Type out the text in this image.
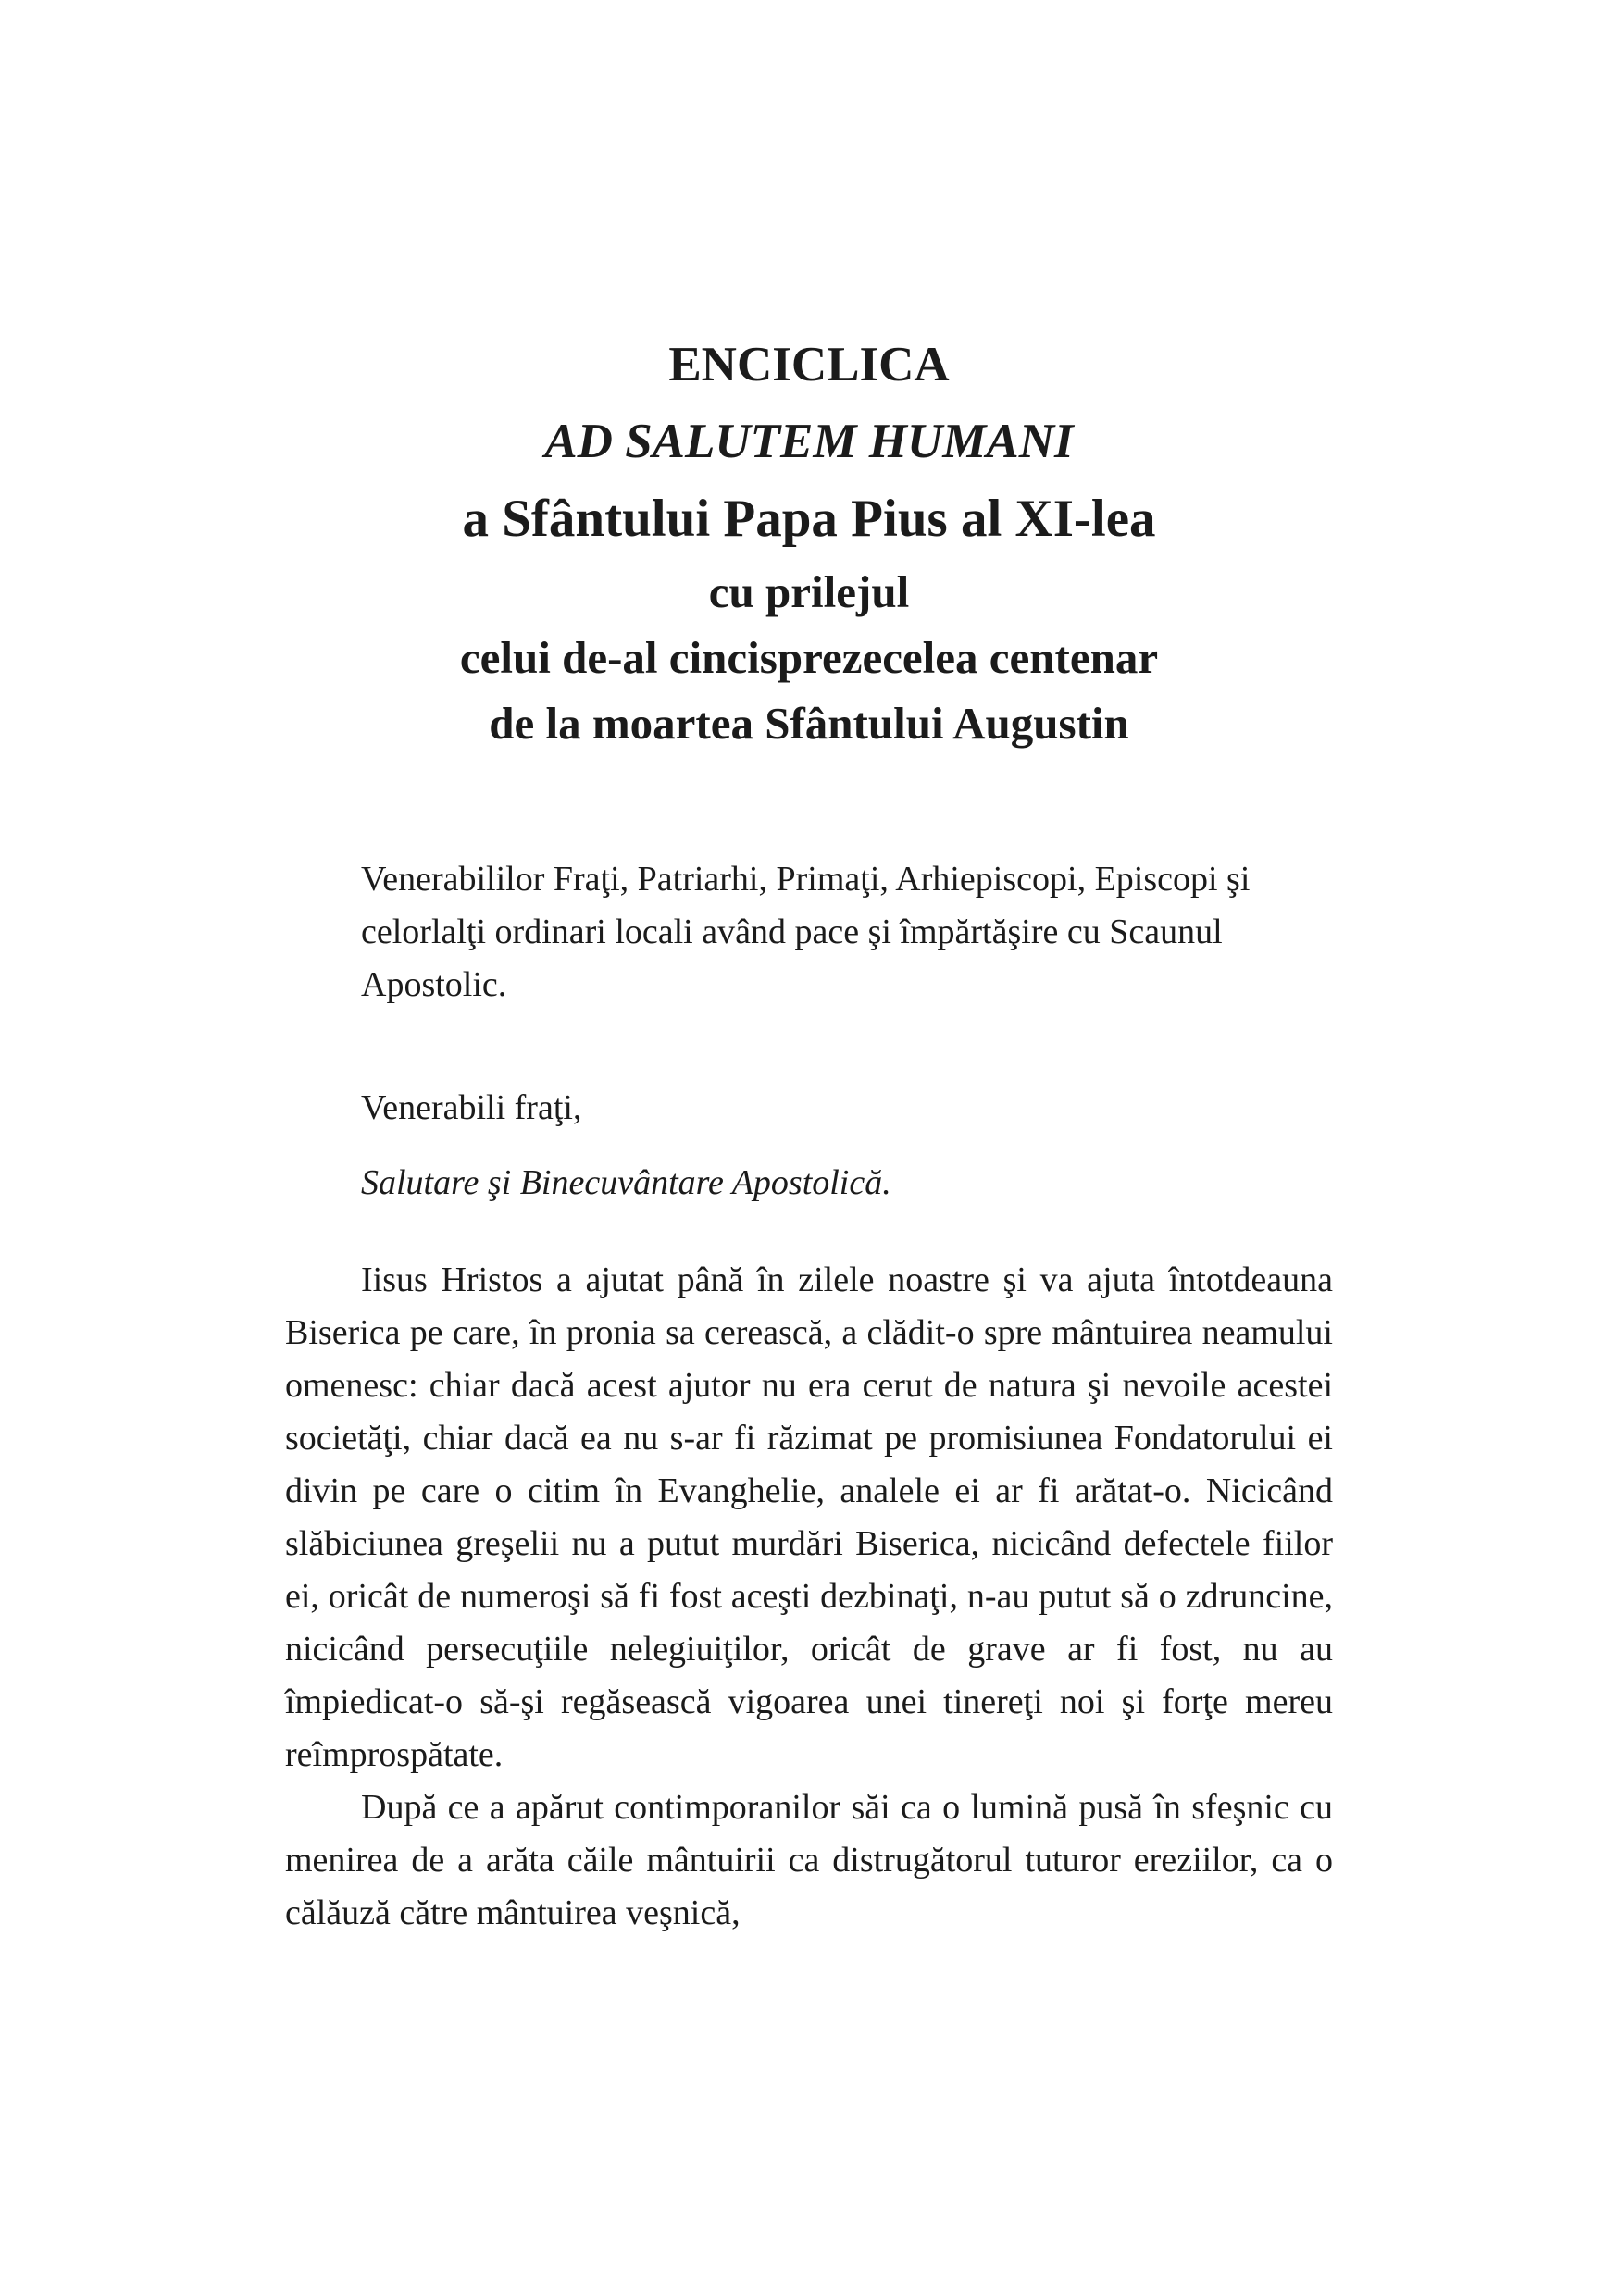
ENCICLICA
AD SALUTEM HUMANI
a Sfântului Papa Pius al XI-lea
cu prilejul
celui de-al cincisprezecelea centenar
de la moartea Sfântului Augustin
Venerabililor Fraţi, Patriarhi, Primaţi, Arhiepiscopi, Episcopi şi celorlalţi ordinari locali având pace şi împărtăşire cu Scaunul Apostolic.
Venerabili fraţi,
Salutare şi Binecuvântare Apostolică.

Iisus Hristos a ajutat până în zilele noastre şi va ajuta întotdeauna Biserica pe care, în pronia sa cerească, a clădit-o spre mântuirea neamului omenesc: chiar dacă acest ajutor nu era cerut de natura şi nevoile acestei societăţi, chiar dacă ea nu s-ar fi răzimat pe promisiunea Fondatorului ei divin pe care o citim în Evanghelie, analele ei ar fi arătat-o. Nicicând slăbiciunea greşelii nu a putut murdări Biserica, nicicând defectele fiilor ei, oricât de numeroşi să fi fost aceşti dezbinaţi, n-au putut să o zdruncine, nicicând persecuţiile nelegiuiţilor, oricât de grave ar fi fost, nu au împiedicat-o să-şi regăsească vigoarea unei tinereţi noi şi forţe mereu reîmprospătate.

După ce a apărut contimporanilor săi ca o lumină pusă în sfeşnic cu menirea de a arăta căile mântuirii ca distrugătorul tuturor ereziilor, ca o călăuză către mântuirea veşnică,
